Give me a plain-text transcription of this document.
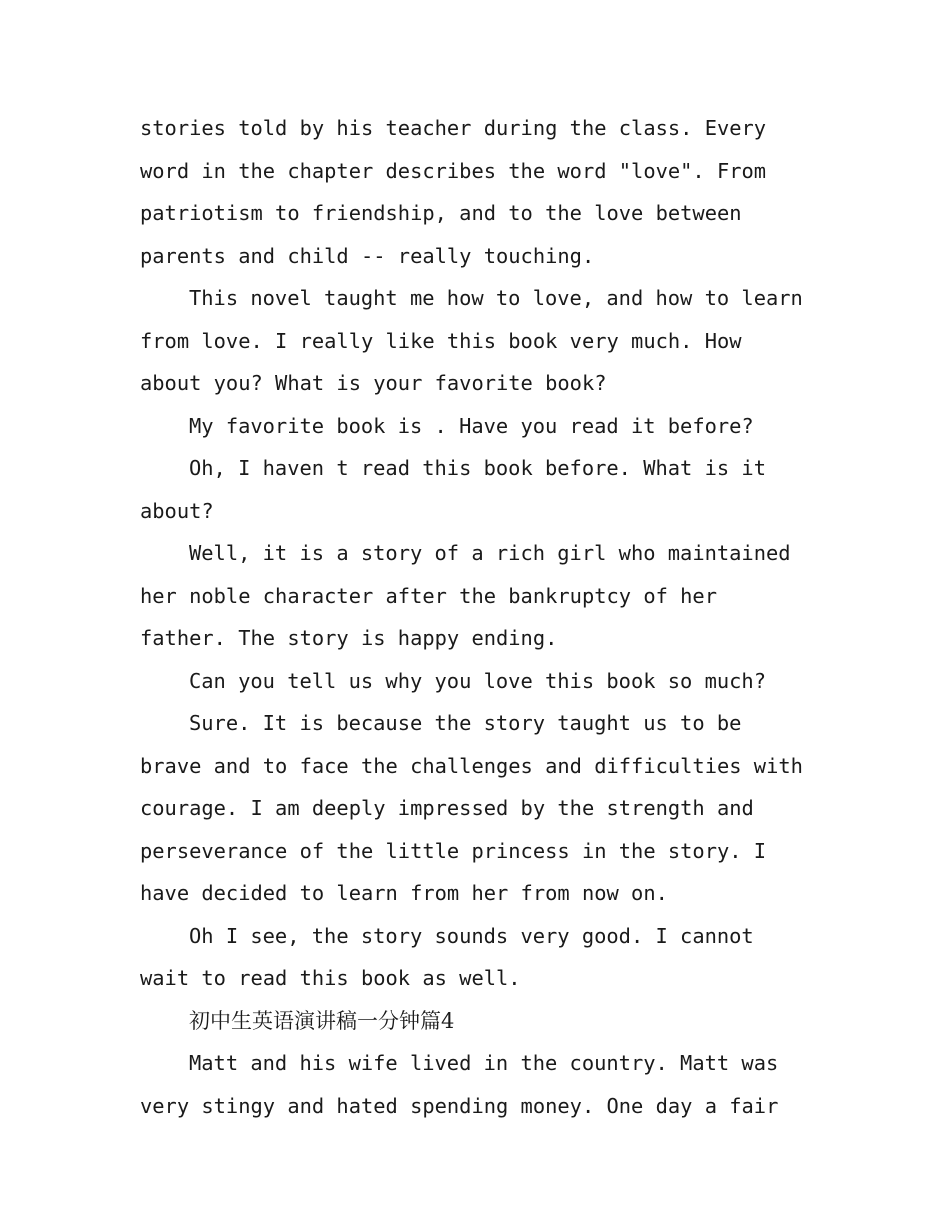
stories told by his teacher during the class. Every
word in the chapter describes the word "love". From
patriotism to friendship, and to the love between
parents and child -- really touching.
This novel taught me how to love, and how to learn
from love. I really like this book very much. How
about you? What is your favorite book?
My favorite book is . Have you read it before?
Oh, I haven t read this book before. What is it
about?
Well, it is a story of a rich girl who maintained
her noble character after the bankruptcy of her
father. The story is happy ending.
Can you tell us why you love this book so much?
Sure. It is because the story taught us to be
brave and to face the challenges and difficulties with
courage. I am deeply impressed by the strength and
perseverance of the little princess in the story. I
have decided to learn from her from now on.
Oh I see, the story sounds very good. I cannot
wait to read this book as well.
初中生英语演讲稿一分钟篇4
Matt and his wife lived in the country. Matt was
very stingy and hated spending money. One day a fair
